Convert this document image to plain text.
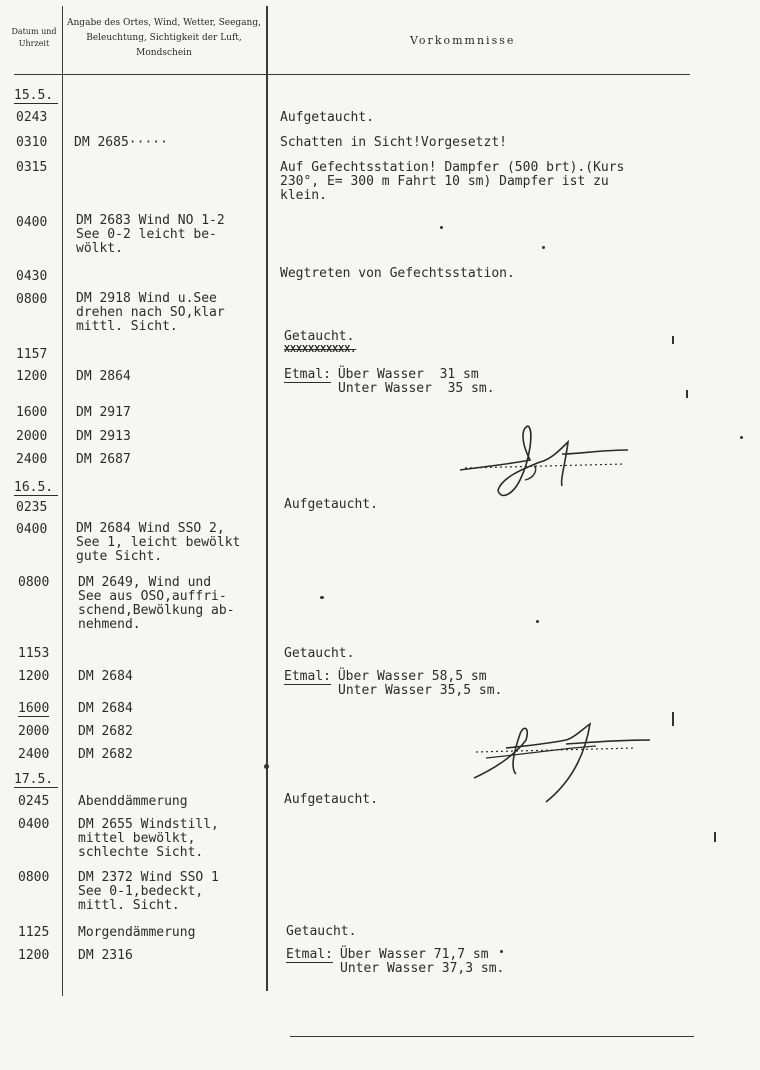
Datum und Uhrzeit
Angabe des Ortes, Wind, Wetter, Seegang, Beleuchtung, Sichtigkeit der Luft, Mondschein
Vorkommnisse
15.5.
16.5.
17.5.
0243
0310
0315
0400
0430
0800
1157
1200
1600
2000
2400
0235
0400
0800
1153
1200
1600
2000
2400
0245
0400
0800
1125
1200
DM 2685·····
DM 2683 Wind NO 1-2
See 0-2 leicht be-
wölkt.
DM 2918 Wind u.See
drehen nach SO,klar
mittl. Sicht.
DM 2864
DM 2917
DM 2913
DM 2687
DM 2684 Wind SSO 2,
See 1, leicht bewölkt
gute Sicht.
DM 2649, Wind und
See aus OSO,auffri-
schend,Bewölkung ab-
nehmend.
DM 2684
DM 2684
DM 2682
DM 2682
Abenddämmerung
DM 2655 Windstill,
mittel bewölkt,
schlechte Sicht.
DM 2372 Wind SSO 1
See 0-1,bedeckt,
mittl. Sicht.
Morgendämmerung
DM 2316
Aufgetaucht.
Schatten in Sicht!Vorgesetzt!
Auf Gefechtsstation! Dampfer (500 brt).(Kurs
230°, E= 300 m Fahrt 10 sm) Dampfer ist zu
klein.
Wegtreten von Gefechtsstation.
Getaucht.
XXXXXXXXXXX.
Etmal: Über Wasser  31 sm
Unter Wasser  35 sm.
Aufgetaucht.
Getaucht.
Etmal: Über Wasser 58,5 sm
Unter Wasser 35,5 sm.
Aufgetaucht.
Getaucht.
Etmal: Über Wasser 71,7 sm
Unter Wasser 37,3 sm.
